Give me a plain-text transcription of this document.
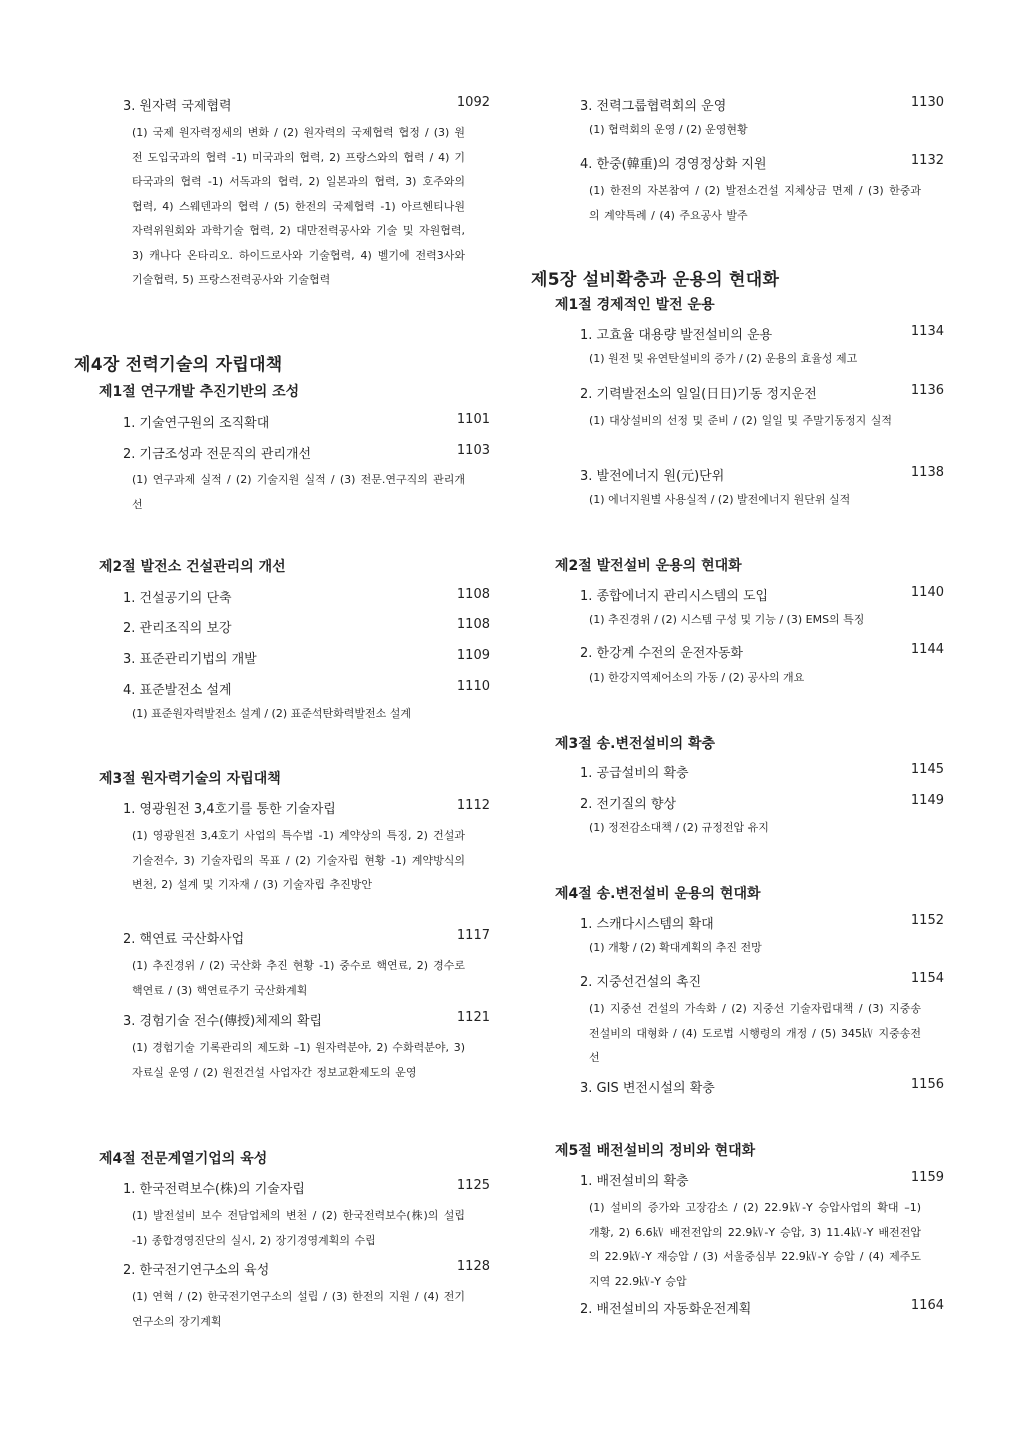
3. 원자력 국제협력	1092
(1) 국제 원자력정세의 변화 / (2) 원자력의 국제협력 협정 / (3) 원전 도입국과의 협력 -1) 미국과의 협력, 2) 프랑스와의 협력 / 4) 기타국과의 협력 -1) 서독과의 협력, 2) 일본과의 협력, 3) 호주와의 협력, 4) 스웨덴과의 협력 / (5) 한전의 국제협력 -1) 아르헨티나원자력위원회와 과학기술 협력, 2) 대만전력공사와 기술 및 자원협력, 3) 캐나다 온타리오. 하이드로사와 기술협력, 4) 벨기에 전력3사와 기술협력, 5) 프랑스전력공사와 기술협력
제4장 전력기술의 자립대책
제1절 연구개발 추진기반의 조성
1. 기술연구원의 조직확대	1101
2. 기금조성과 전문직의 관리개선	1103
(1) 연구과제 실적 / (2) 기술지원 실적 / (3) 전문.연구직의 관리개선
제2절 발전소 건설관리의 개선
1. 건설공기의 단축	1108
2. 관리조직의 보강	1108
3. 표준관리기법의 개발	1109
4. 표준발전소 설계	1110
(1) 표준원자력발전소 설계 / (2) 표준석탄화력발전소 설계
제3절 원자력기술의 자립대책
1. 영광원전 3,4호기를 통한 기술자립	1112
(1) 영광원전 3,4호기 사업의 특수법 -1) 계약상의 특징, 2) 건설과 기술전수, 3) 기술자립의 목표 / (2) 기술자립 현황 -1) 계약방식의 변천, 2) 설계 및 기자재 / (3) 기술자립 추진방안
2. 핵연료 국산화사업	1117
(1) 추진경위 / (2) 국산화 추진 현황 -1) 중수로 핵연료, 2) 경수로 핵연료 / (3) 핵연료주기 국산화계획
3. 경험기술 전수(傳授)체제의 확립	1121
(1) 경험기술 기록관리의 제도화 –1) 원자력분야, 2) 수화력분야, 3) 자료실 운영 / (2) 원전건설 사업자간 정보교환제도의 운영
제4절 전문계열기업의 육성
1. 한국전력보수(株)의 기술자립	1125
(1) 발전설비 보수 전담업체의 변천 / (2) 한국전력보수(株)의 설립 -1) 종합경영진단의 실시, 2) 장기경영계획의 수립
2. 한국전기연구소의 육성	1128
(1) 연혁 / (2) 한국전기연구소의 설립 / (3) 한전의 지원 / (4) 전기연구소의 장기계획
3. 전력그룹협력회의 운영	1130
(1) 협력회의 운영 / (2) 운영현황
4. 한중(韓重)의 경영정상화 지원	1132
(1) 한전의 자본참여 / (2) 발전소건설 지체상금 면제 / (3) 한중과의 계약특례 / (4) 주요공사 발주
제5장 설비확충과 운용의 현대화
제1절 경제적인 발전 운용
1. 고효율 대용량 발전설비의 운용	1134
(1) 원전 및 유연탄설비의 증가 / (2) 운용의 효율성 제고
2. 기력발전소의 일일(日日)기동 정지운전	1136
(1) 대상설비의 선정 및 준비 / (2) 일일 및 주말기동정지 실적
3. 발전에너지 원(元)단위	1138
(1) 에너지원별 사용실적 / (2) 발전에너지 원단위 실적
제2절 발전설비 운용의 현대화
1. 종합에너지 관리시스템의 도입	1140
(1) 추진경위 / (2) 시스템 구성 및 기능 / (3) EMS의 특징
2. 한강계 수전의 운전자동화	1144
(1) 한강지역제어소의 가동 / (2) 공사의 개요
제3절 송.변전설비의 확충
1. 공급설비의 확충	1145
2. 전기질의 향상	1149
(1) 정전감소대책 / (2) 규정전압 유지
제4절 송.변전설비 운용의 현대화
1. 스캐다시스템의 확대	1152
(1) 개황 / (2) 확대계획의 추진 전망
2. 지중선건설의 촉진	1154
(1) 지중선 건설의 가속화 / (2) 지중선 기술자립대책 / (3) 지중송전설비의 대형화 / (4) 도로법 시행령의 개정 / (5) 345㎸ 지중송전선
3. GIS 변전시설의 확충	1156
제5절 배전설비의 정비와 현대화
1. 배전설비의 확충	1159
(1) 설비의 증가와 고장감소 / (2) 22.9㎸-Y 승압사업의 확대 –1) 개황, 2) 6.6㎸ 배전전압의 22.9㎸-Y 승압, 3) 11.4㎸-Y 배전전압의 22.9㎸-Y 재승압 / (3) 서울중심부 22.9㎸-Y 승압 / (4) 제주도지역 22.9㎸-Y 승압
2. 배전설비의 자동화운전계획	1164
